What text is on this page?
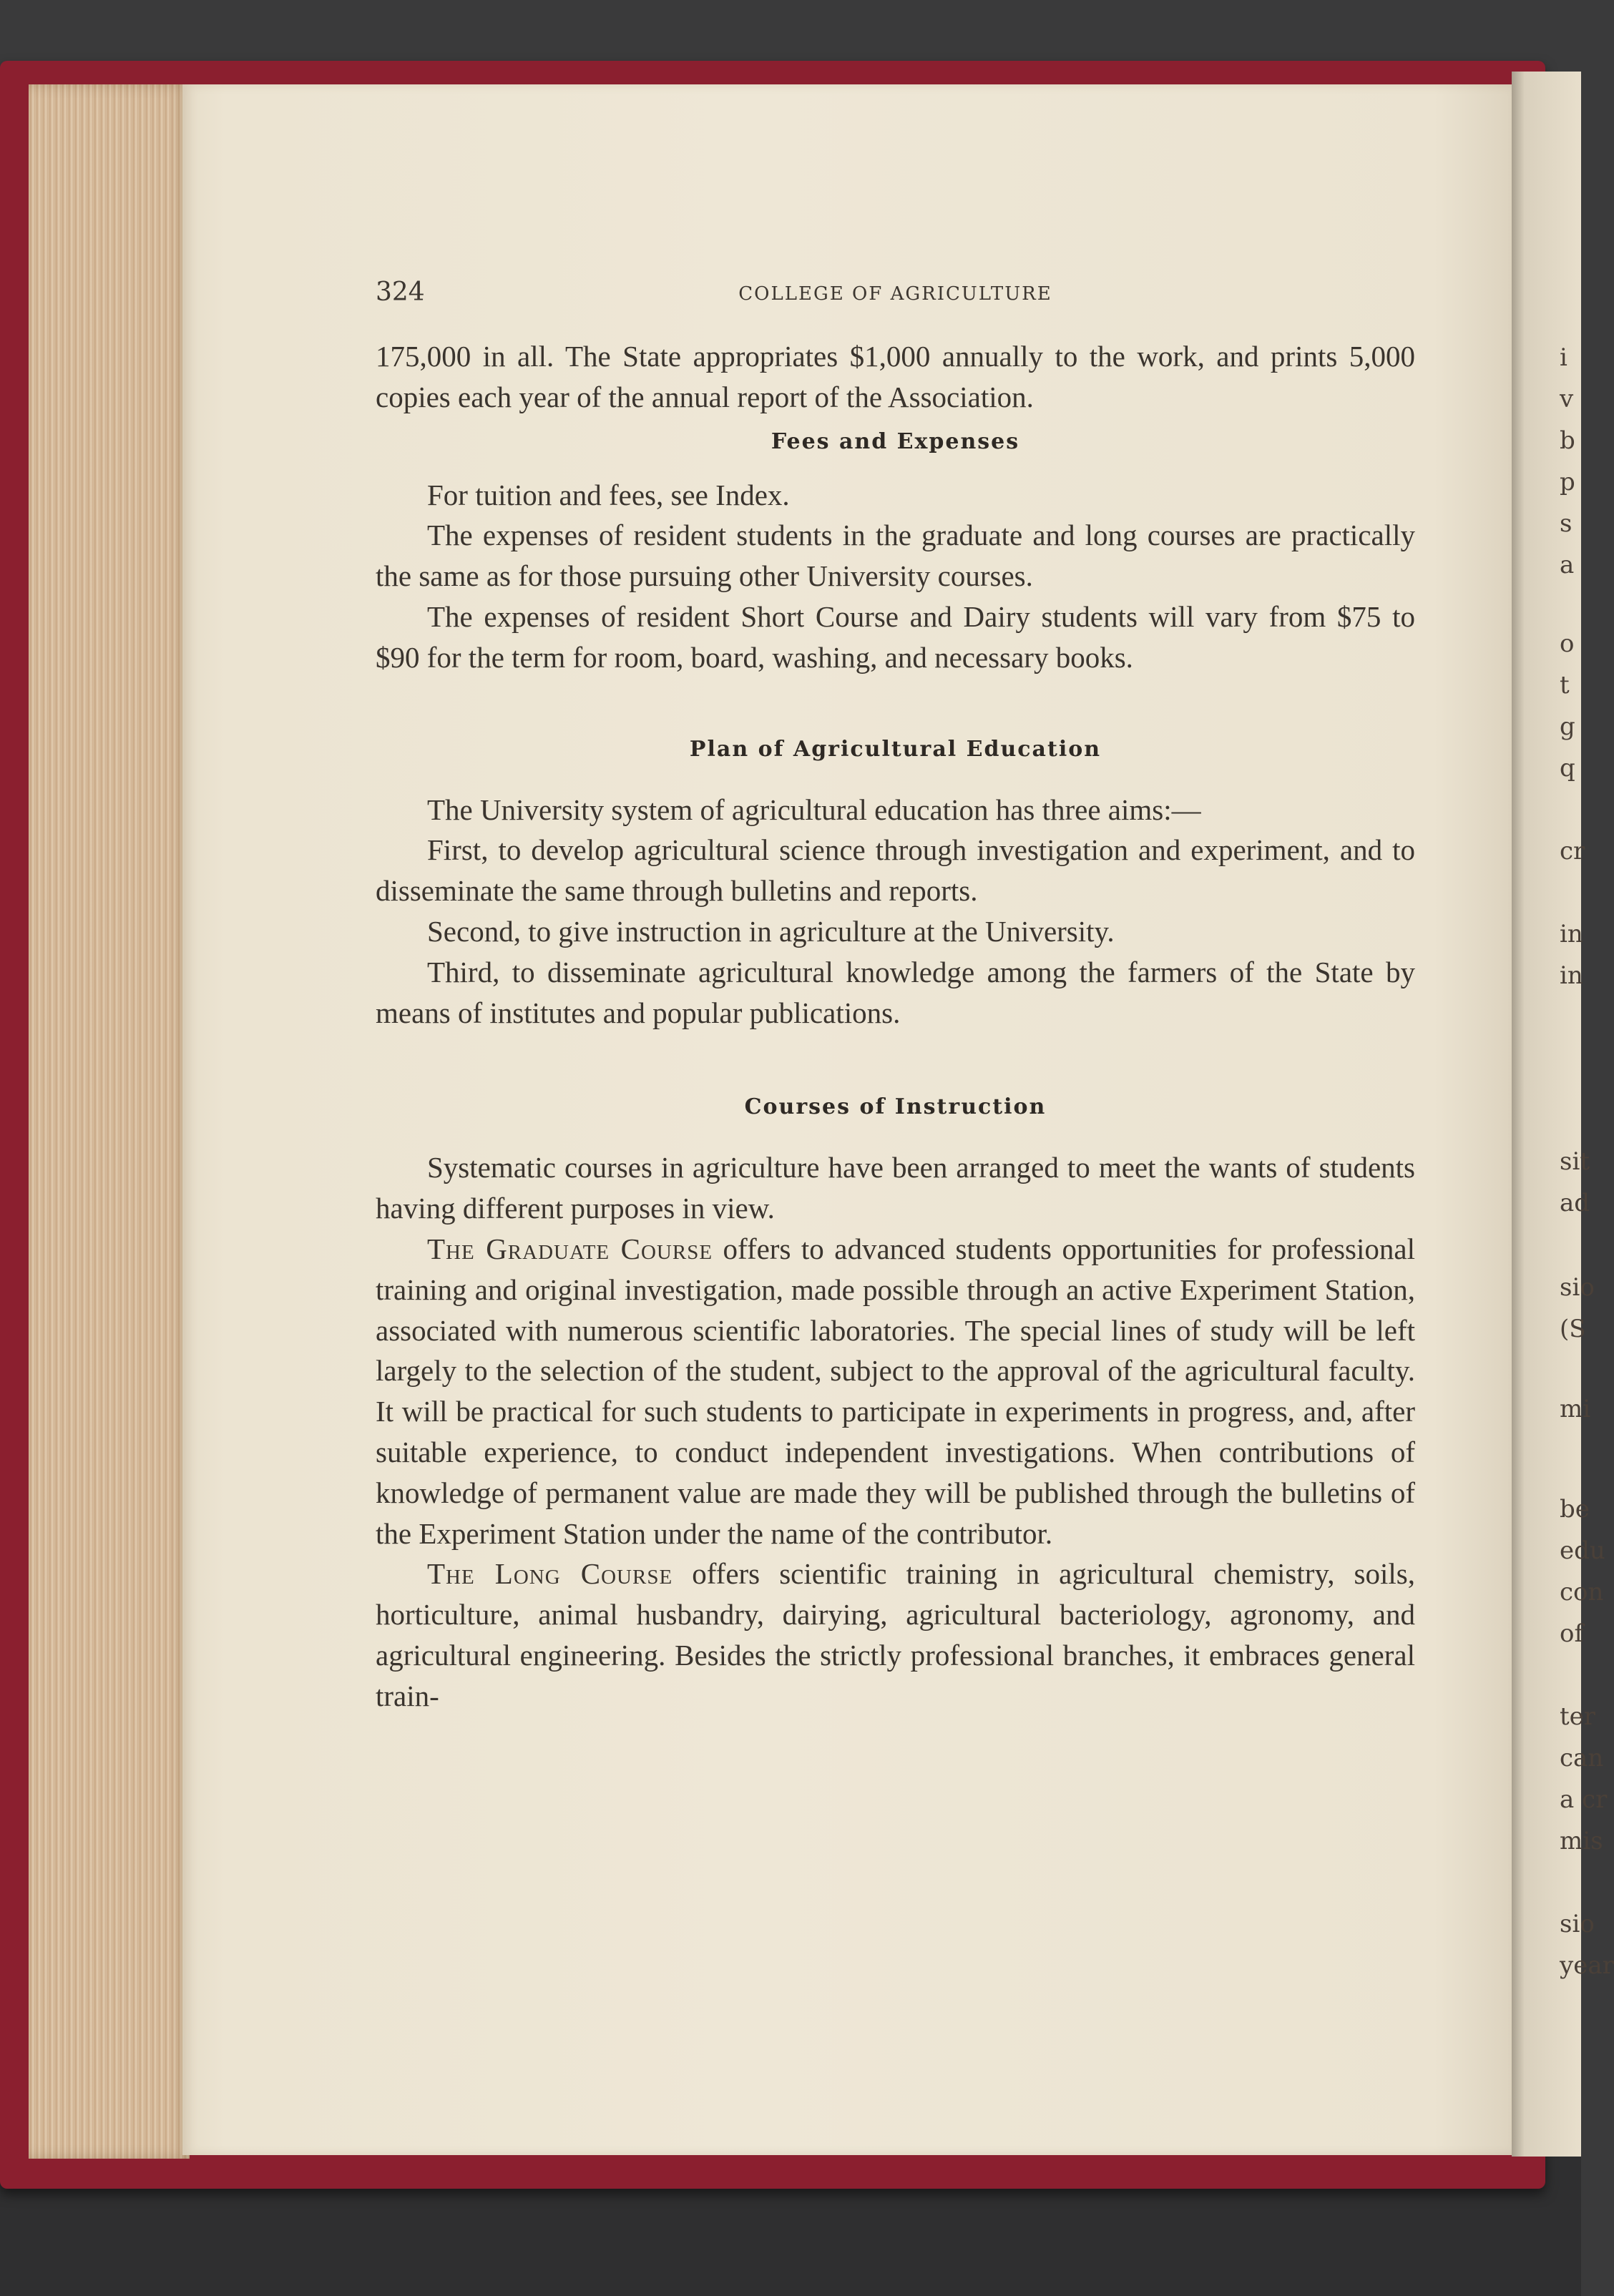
i
v
b
p
s
a
o
t
g
q
cr
in
in
sit
ad
sio
(S
mi
be
edu
con
of
ter
can
a cr
mis
sio
year
324	COLLEGE OF AGRICULTURE

175,000 in all. The State appropriates $1,000 annually to the work, and prints 5,000 copies each year of the annual report of the Association.

Fees and Expenses

For tuition and fees, see Index.

The expenses of resident students in the graduate and long courses are practically the same as for those pursuing other University courses.

The expenses of resident Short Course and Dairy students will vary from $75 to $90 for the term for room, board, washing, and necessary books.

Plan of Agricultural Education

The University system of agricultural education has three aims:—

First, to develop agricultural science through investigation and experiment, and to disseminate the same through bulletins and reports.

Second, to give instruction in agriculture at the University.

Third, to disseminate agricultural knowledge among the farmers of the State by means of institutes and popular publications.

Courses of Instruction

Systematic courses in agriculture have been arranged to meet the wants of students having different purposes in view.

The Graduate Course offers to advanced students opportunities for professional training and original investigation, made possible through an active Experiment Station, associated with numerous scientific laboratories. The special lines of study will be left largely to the selection of the student, subject to the approval of the agricultural faculty. It will be practical for such students to participate in experiments in progress, and, after suitable experience, to conduct independent investigations. When contributions of knowledge of permanent value are made they will be published through the bulletins of the Experiment Station under the name of the contributor.

The Long Course offers scientific training in agricultural chemistry, soils, horticulture, animal husbandry, dairying, agricultural bacteriology, agronomy, and agricultural engineering. Besides the strictly professional branches, it embraces general train-
